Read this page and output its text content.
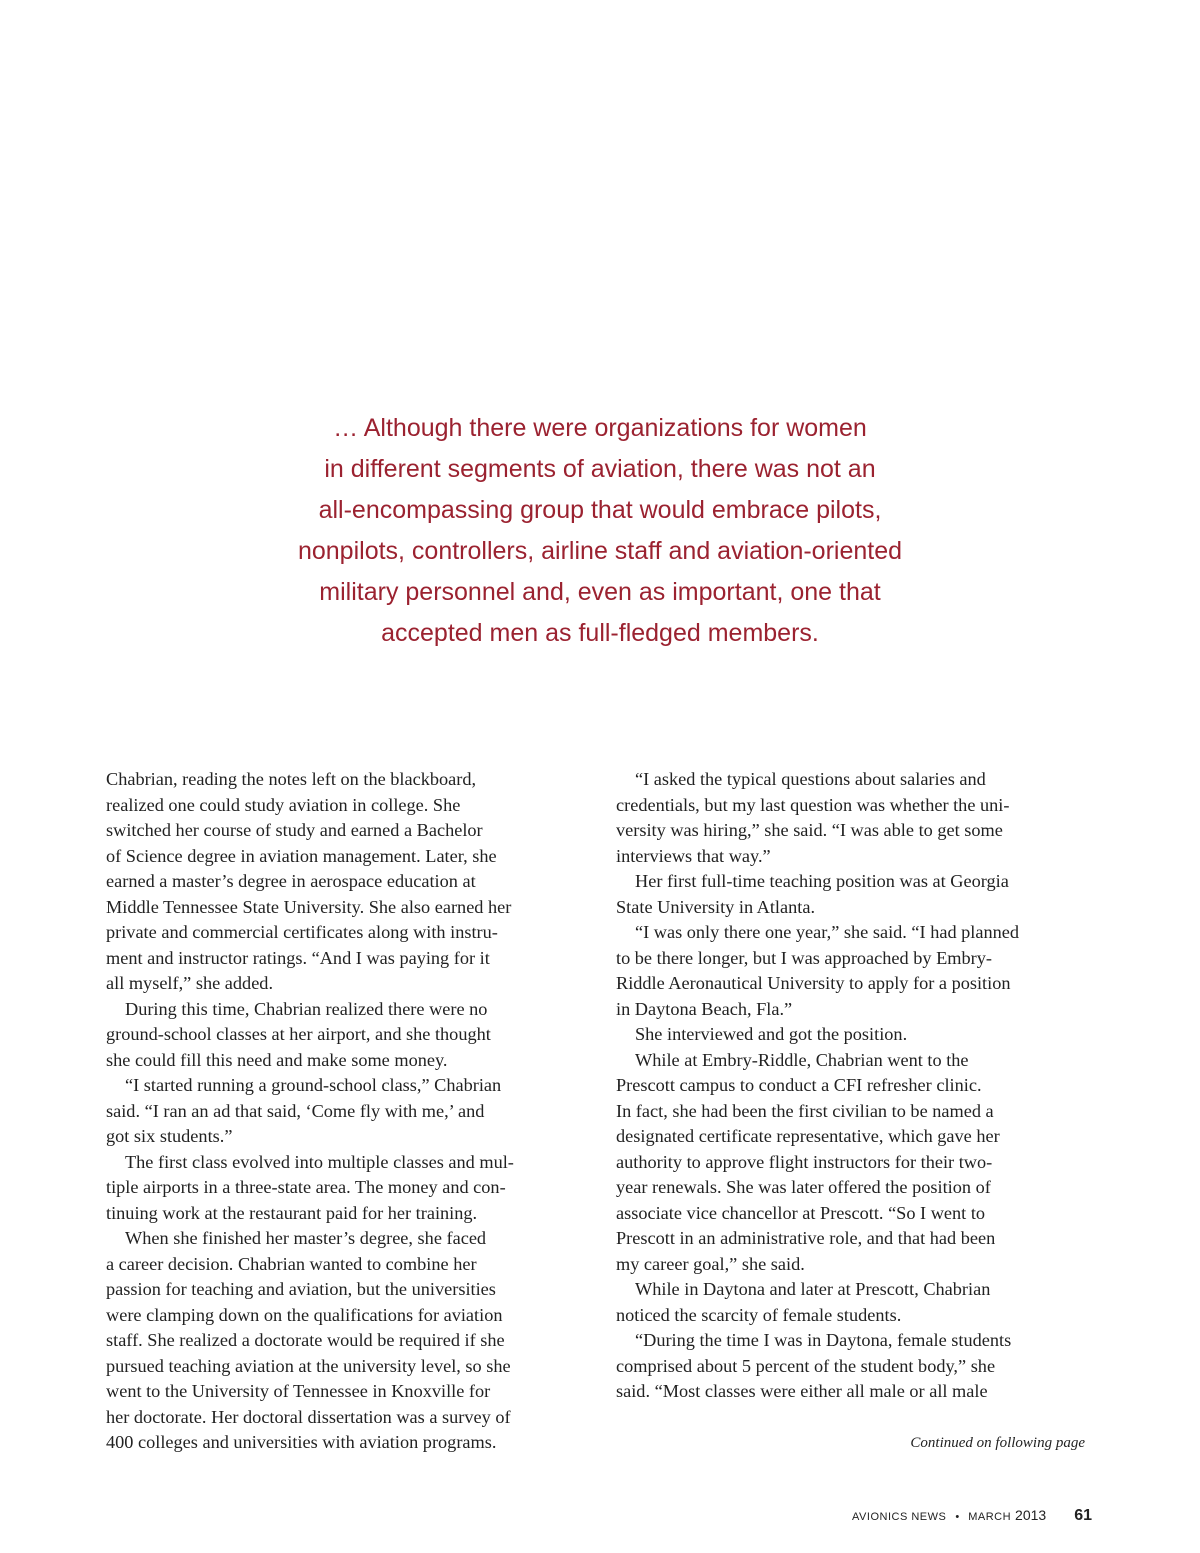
… Although there were organizations for women
in different segments of aviation, there was not an
all-encompassing group that would embrace pilots,
nonpilots, controllers, airline staff and aviation-oriented
military personnel and, even as important, one that
accepted men as full-fledged members.
Chabrian, reading the notes left on the blackboard,
realized one could study aviation in college. She
switched her course of study and earned a Bachelor
of Science degree in aviation management. Later, she
earned a master’s degree in aerospace education at
Middle Tennessee State University. She also earned her
private and commercial certificates along with instru-
ment and instructor ratings. “And I was paying for it
all myself,” she added.
During this time, Chabrian realized there were no
ground-school classes at her airport, and she thought
she could fill this need and make some money.
“I started running a ground-school class,” Chabrian
said. “I ran an ad that said, ‘Come fly with me,’ and
got six students.”
The first class evolved into multiple classes and mul-
tiple airports in a three-state area. The money and con-
tinuing work at the restaurant paid for her training.
When she finished her master’s degree, she faced
a career decision. Chabrian wanted to combine her
passion for teaching and aviation, but the universities
were clamping down on the qualifications for aviation
staff. She realized a doctorate would be required if she
pursued teaching aviation at the university level, so she
went to the University of Tennessee in Knoxville for
her doctorate. Her doctoral dissertation was a survey of
400 colleges and universities with aviation programs.
“I asked the typical questions about salaries and
credentials, but my last question was whether the uni-
versity was hiring,” she said. “I was able to get some
interviews that way.”
Her first full-time teaching position was at Georgia
State University in Atlanta.
“I was only there one year,” she said. “I had planned
to be there longer, but I was approached by Embry-
Riddle Aeronautical University to apply for a position
in Daytona Beach, Fla.”
She interviewed and got the position.
While at Embry-Riddle, Chabrian went to the
Prescott campus to conduct a CFI refresher clinic.
In fact, she had been the first civilian to be named a
designated certificate representative, which gave her
authority to approve flight instructors for their two-
year renewals. She was later offered the position of
associate vice chancellor at Prescott. “So I went to
Prescott in an administrative role, and that had been
my career goal,” she said.
While in Daytona and later at Prescott, Chabrian
noticed the scarcity of female students.
“During the time I was in Daytona, female students
comprised about 5 percent of the student body,” she
said. “Most classes were either all male or all male
Continued on following page
AVIONICS NEWS • MARCH 2013 61
